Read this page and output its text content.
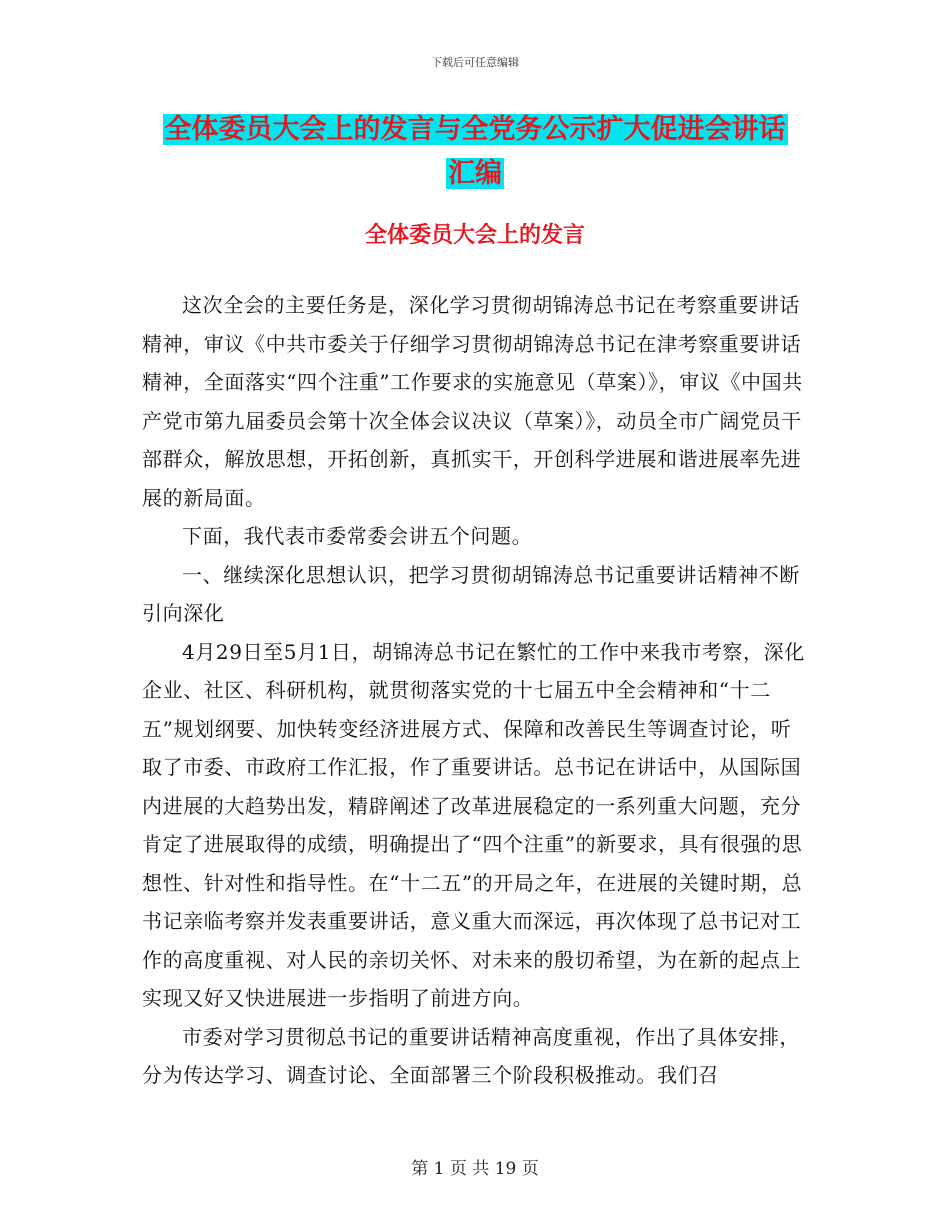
下载后可任意编辑
全体委员大会上的发言与全党务公示扩大促进会讲话
汇编
全体委员大会上的发言

这次全会的主要任务是，深化学习贯彻胡锦涛总书记在考察重要讲话精神，审议《中共市委关于仔细学习贯彻胡锦涛总书记在津考察重要讲话精神，全面落实“四个注重”工作要求的实施意见（草案）》，审议《中国共产党市第九届委员会第十次全体会议决议（草案）》，动员全市广阔党员干部群众，解放思想，开拓创新，真抓实干，开创科学进展和谐进展率先进展的新局面。

下面，我代表市委常委会讲五个问题。

一、继续深化思想认识，把学习贯彻胡锦涛总书记重要讲话精神不断引向深化

4月29日至5月1日，胡锦涛总书记在繁忙的工作中来我市考察，深化企业、社区、科研机构，就贯彻落实党的十七届五中全会精神和“十二五”规划纲要、加快转变经济进展方式、保障和改善民生等调查讨论，听取了市委、市政府工作汇报，作了重要讲话。总书记在讲话中，从国际国内进展的大趋势出发，精辟阐述了改革进展稳定的一系列重大问题，充分肯定了进展取得的成绩，明确提出了“四个注重”的新要求，具有很强的思想性、针对性和指导性。在“十二五”的开局之年，在进展的关键时期，总书记亲临考察并发表重要讲话，意义重大而深远，再次体现了总书记对工作的高度重视、对人民的亲切关怀、对未来的殷切希望，为在新的起点上实现又好又快进展进一步指明了前进方向。

市委对学习贯彻总书记的重要讲话精神高度重视，作出了具体安排，分为传达学习、调查讨论、全面部署三个阶段积极推动。我们召

第 1 页 共 19 页
